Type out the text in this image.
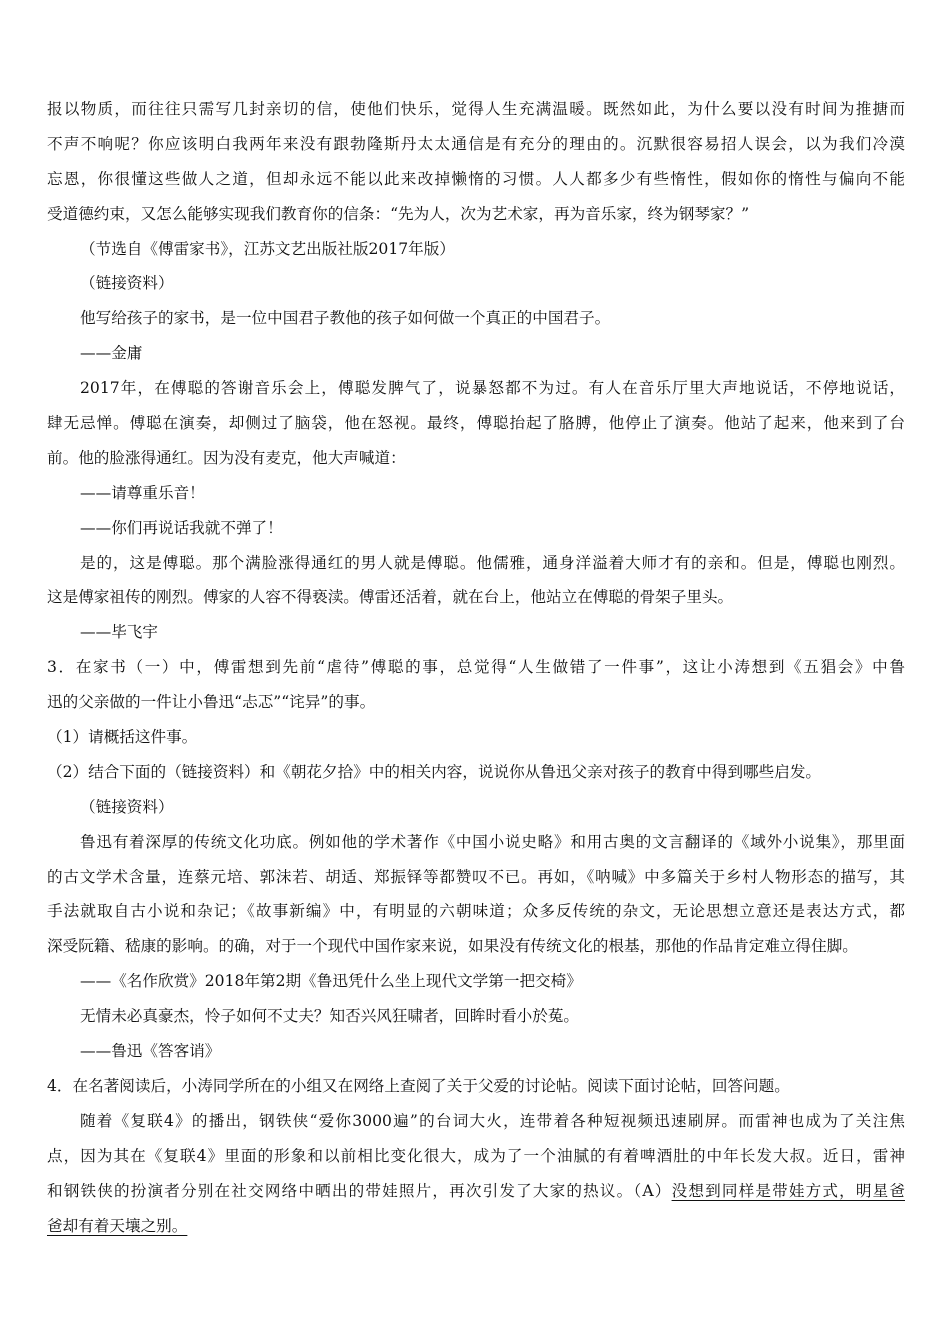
报以物质，而往往只需写几封亲切的信，使他们快乐，觉得人生充满温暖。既然如此，为什么要以没有时间为推搪而
不声不响呢？你应该明白我两年来没有跟勃隆斯丹太太通信是有充分的理由的。沉默很容易招人误会，以为我们冷漠
忘恩，你很懂这些做人之道，但却永远不能以此来改掉懒惰的习惯。人人都多少有些惰性，假如你的惰性与偏向不能
受道德约束，又怎么能够实现我们教育你的信条：“先为人，次为艺术家，再为音乐家，终为钢琴家？”
（节选自《傅雷家书》，江苏文艺出版社版2017年版）
（链接资料）
他写给孩子的家书，是一位中国君子教他的孩子如何做一个真正的中国君子。
——金庸
2017年，在傅聪的答谢音乐会上，傅聪发脾气了，说暴怒都不为过。有人在音乐厅里大声地说话，不停地说话，
肆无忌惮。傅聪在演奏，却侧过了脑袋，他在怒视。最终，傅聪抬起了胳膊，他停止了演奏。他站了起来，他来到了台
前。他的脸涨得通红。因为没有麦克，他大声喊道：
——请尊重乐音！
——你们再说话我就不弹了！
是的，这是傅聪。那个满脸涨得通红的男人就是傅聪。他儒雅，通身洋溢着大师才有的亲和。但是，傅聪也刚烈。
这是傅家祖传的刚烈。傅家的人容不得亵渎。傅雷还活着，就在台上，他站立在傅聪的骨架子里头。
——毕飞宇
3．在家书（一）中，傅雷想到先前“虐待”傅聪的事，总觉得“人生做错了一件事”，这让小涛想到《五猖会》中鲁
迅的父亲做的一件让小鲁迅“忐忑”“诧异”的事。
（1）请概括这件事。
（2）结合下面的（链接资料）和《朝花夕拾》中的相关内容，说说你从鲁迅父亲对孩子的教育中得到哪些启发。
（链接资料）
鲁迅有着深厚的传统文化功底。例如他的学术著作《中国小说史略》和用古奥的文言翻译的《域外小说集》，那里面
的古文学术含量，连蔡元培、郭沫若、胡适、郑振铎等都赞叹不已。再如，《呐喊》中多篇关于乡村人物形态的描写，其
手法就取自古小说和杂记；《故事新编》中，有明显的六朝味道；众多反传统的杂文，无论思想立意还是表达方式，都
深受阮籍、嵇康的影响。的确，对于一个现代中国作家来说，如果没有传统文化的根基，那他的作品肯定难立得住脚。
——《名作欣赏》2018年第2期《鲁迅凭什么坐上现代文学第一把交椅》
无情未必真豪杰，怜子如何不丈夫？知否兴风狂啸者，回眸时看小於菟。
——鲁迅《答客诮》
4．在名著阅读后，小涛同学所在的小组又在网络上查阅了关于父爱的讨论帖。阅读下面讨论帖，回答问题。
随着《复联4》的播出，钢铁侠“爱你3000遍”的台词大火，连带着各种短视频迅速刷屏。而雷神也成为了关注焦
点，因为其在《复联4》里面的形象和以前相比变化很大，成为了一个油腻的有着啤酒肚的中年长发大叔。近日，雷神
和钢铁侠的扮演者分别在社交网络中晒出的带娃照片，再次引发了大家的热议。（A）没想到同样是带娃方式，明星爸
爸却有着天壤之别。
